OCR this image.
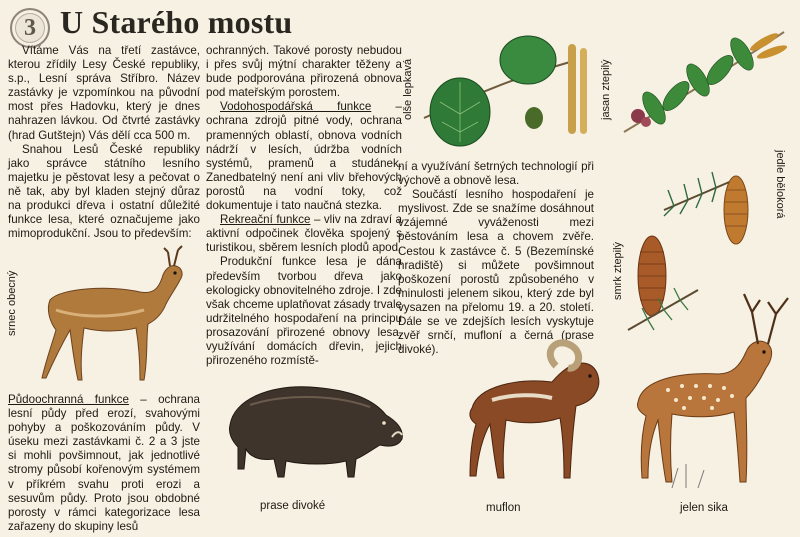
3 U Starého mostu

Vítáme Vás na třetí zastávce, kterou zřídily Lesy České republiky, s.p., Lesní správa Stříbro. Název zastávky je vzpomínkou na původní most přes Hadovku, který je dnes nahrazen lávkou. Od čtvrté zastávky (hrad Gutštejn) Vás dělí cca 500 m.

Snahou Lesů České republiky jako správce státního lesního majetku je pěstovat lesy a pečovat o ně tak, aby byl kladen stejný důraz na produkci dřeva i ostatní důležité funkce lesa, které označujeme jako mimoprodukční. Jsou to především:

Půdoochranná funkce – ochrana lesní půdy před erozí, svahovými pohyby a poškozováním půdy. V úseku mezi zastávkami č. 2 a 3 jste si mohli povšimnout, jak jednotlivé stromy působí kořenovým systémem v příkrém svahu proti erozi a sesuvům půdy. Proto jsou obdobné porosty v rámci kategorizace lesa zařazeny do skupiny lesů

ochranných. Takové porosty nebudou i přes svůj mýtní charakter těženy a bude podporována přirozená obnova pod mateřským porostem.

Vodohospodářská funkce – ochrana zdrojů pitné vody, ochrana pramenných oblastí, obnova vodních nádrží v lesích, údržba vodních systémů, pramenů a studánek. Zanedbatelný není ani vliv břehových porostů na vodní toky, což dokumentuje i tato naučná stezka.

Rekreační funkce – vliv na zdraví a aktivní odpočinek člověka spojený s turistikou, sběrem lesních plodů apod.

Produkční funkce lesa je dána především tvorbou dřeva jako ekologicky obnovitelného zdroje. I zde však chceme uplatňovat zásady trvale udržitelného hospodaření na principu prosazování přirozené obnovy lesa, využívání domácích dřevin, jejich přirozeného rozmístě-

ní a využívání šetrných technologií při výchově a obnově lesa.

Součástí lesního hospodaření je myslivost. Zde se snažíme dosáhnout vzájemné vyváženosti mezi pěstováním lesa a chovem zvěře. Cestou k zastávce č. 5 (Bezemínské hradiště) si můžete povšimnout poškození porostů způsobeného v minulosti jelenem sikou, který zde byl vysazen na přelomu 19. a 20. století. Dále se ve zdejších lesích vyskytuje zvěř srnčí, mufloní a černá (prase divoké).

srnec obecný
prase divoké	muflon	jelen sika
olše lepkavá	jasan ztepilý
jedle bělokorá
smrk ztepilý
